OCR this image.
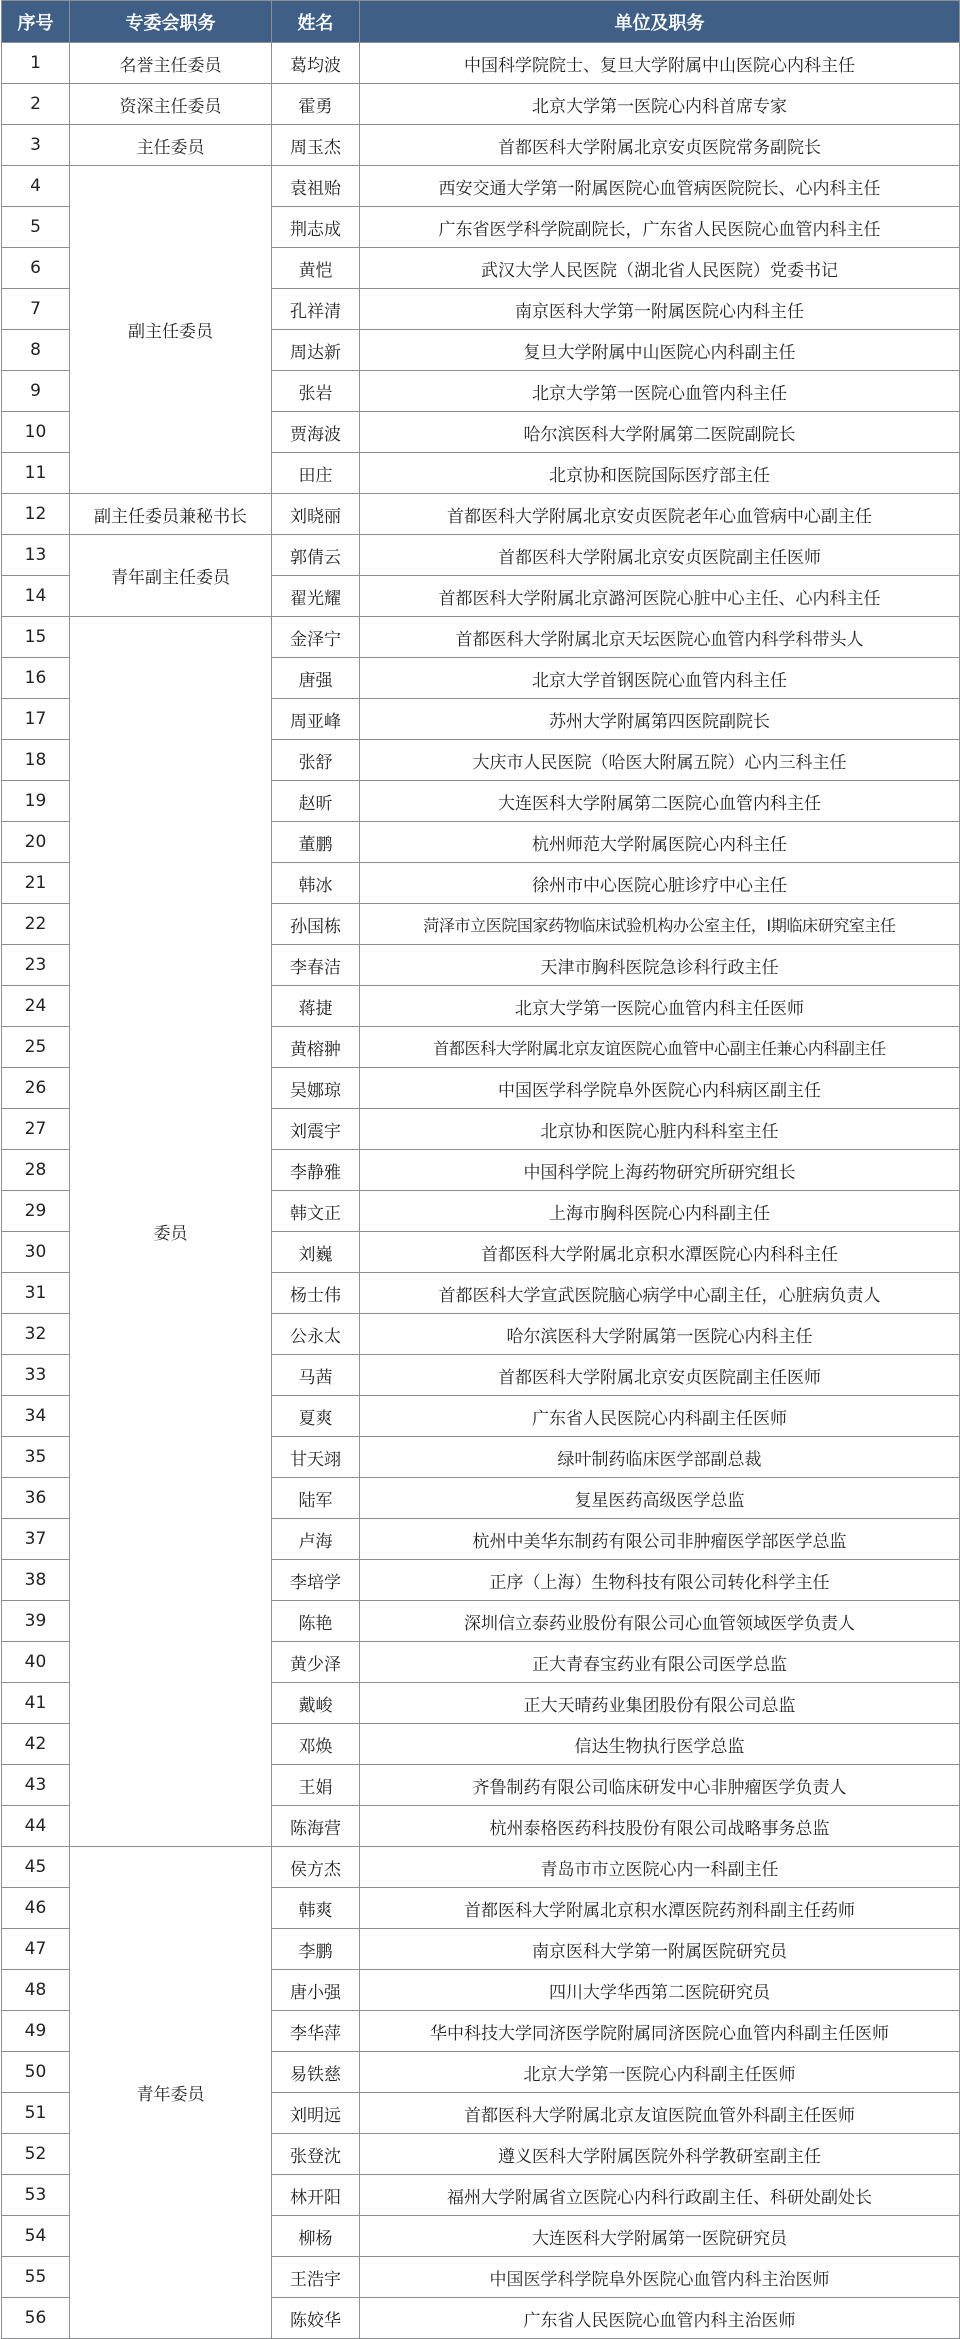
序号	专委会职务	姓名	单位及职务
1	名誉主任委员	葛均波	中国科学院院士、复旦大学附属中山医院心内科主任
2	资深主任委员	霍勇	北京大学第一医院心内科首席专家
3	主任委员	周玉杰	首都医科大学附属北京安贞医院常务副院长
4	副主任委员	袁祖贻	西安交通大学第一附属医院心血管病医院院长、心内科主任
5		荆志成	广东省医学科学院副院长，广东省人民医院心血管内科主任
6		黄恺	武汉大学人民医院（湖北省人民医院）党委书记
7		孔祥清	南京医科大学第一附属医院心内科主任
8		周达新	复旦大学附属中山医院心内科副主任
9		张岩	北京大学第一医院心血管内科主任
10		贾海波	哈尔滨医科大学附属第二医院副院长
11		田庄	北京协和医院国际医疗部主任
12	副主任委员兼秘书长	刘晓丽	首都医科大学附属北京安贞医院老年心血管病中心副主任
13	青年副主任委员	郭倩云	首都医科大学附属北京安贞医院副主任医师
14		翟光耀	首都医科大学附属北京潞河医院心脏中心主任、心内科主任
15	委员	金泽宁	首都医科大学附属北京天坛医院心血管内科学科带头人
16		唐强	北京大学首钢医院心血管内科主任
17		周亚峰	苏州大学附属第四医院副院长
18		张舒	大庆市人民医院（哈医大附属五院）心内三科主任
19		赵昕	大连医科大学附属第二医院心血管内科主任
20		董鹏	杭州师范大学附属医院心内科主任
21		韩冰	徐州市中心医院心脏诊疗中心主任
22		孙国栋	菏泽市立医院国家药物临床试验机构办公室主任，I期临床研究室主任
23		李春洁	天津市胸科医院急诊科行政主任
24		蒋捷	北京大学第一医院心血管内科主任医师
25		黄榕翀	首都医科大学附属北京友谊医院心血管中心副主任兼心内科副主任
26		吴娜琼	中国医学科学院阜外医院心内科病区副主任
27		刘震宇	北京协和医院心脏内科科室主任
28		李静雅	中国科学院上海药物研究所研究组长
29		韩文正	上海市胸科医院心内科副主任
30		刘巍	首都医科大学附属北京积水潭医院心内科科主任
31		杨士伟	首都医科大学宣武医院脑心病学中心副主任，心脏病负责人
32		公永太	哈尔滨医科大学附属第一医院心内科主任
33		马茜	首都医科大学附属北京安贞医院副主任医师
34		夏爽	广东省人民医院心内科副主任医师
35		甘天翊	绿叶制药临床医学部副总裁
36		陆军	复星医药高级医学总监
37		卢海	杭州中美华东制药有限公司非肿瘤医学部医学总监
38		李培学	正序（上海）生物科技有限公司转化科学主任
39		陈艳	深圳信立泰药业股份有限公司心血管领域医学负责人
40		黄少泽	正大青春宝药业有限公司医学总监
41		戴峻	正大天晴药业集团股份有限公司总监
42		邓焕	信达生物执行医学总监
43		王娟	齐鲁制药有限公司临床研发中心非肿瘤医学负责人
44		陈海营	杭州泰格医药科技股份有限公司战略事务总监
45	青年委员	侯方杰	青岛市市立医院心内一科副主任
46		韩爽	首都医科大学附属北京积水潭医院药剂科副主任药师
47		李鹏	南京医科大学第一附属医院研究员
48		唐小强	四川大学华西第二医院研究员
49		李华萍	华中科技大学同济医学院附属同济医院心血管内科副主任医师
50		易铁慈	北京大学第一医院心内科副主任医师
51		刘明远	首都医科大学附属北京友谊医院血管外科副主任医师
52		张登沈	遵义医科大学附属医院外科学教研室副主任
53		林开阳	福州大学附属省立医院心内科行政副主任、科研处副处长
54		柳杨	大连医科大学附属第一医院研究员
55		王浩宇	中国医学科学院阜外医院心血管内科主治医师
56		陈姣华	广东省人民医院心血管内科主治医师
